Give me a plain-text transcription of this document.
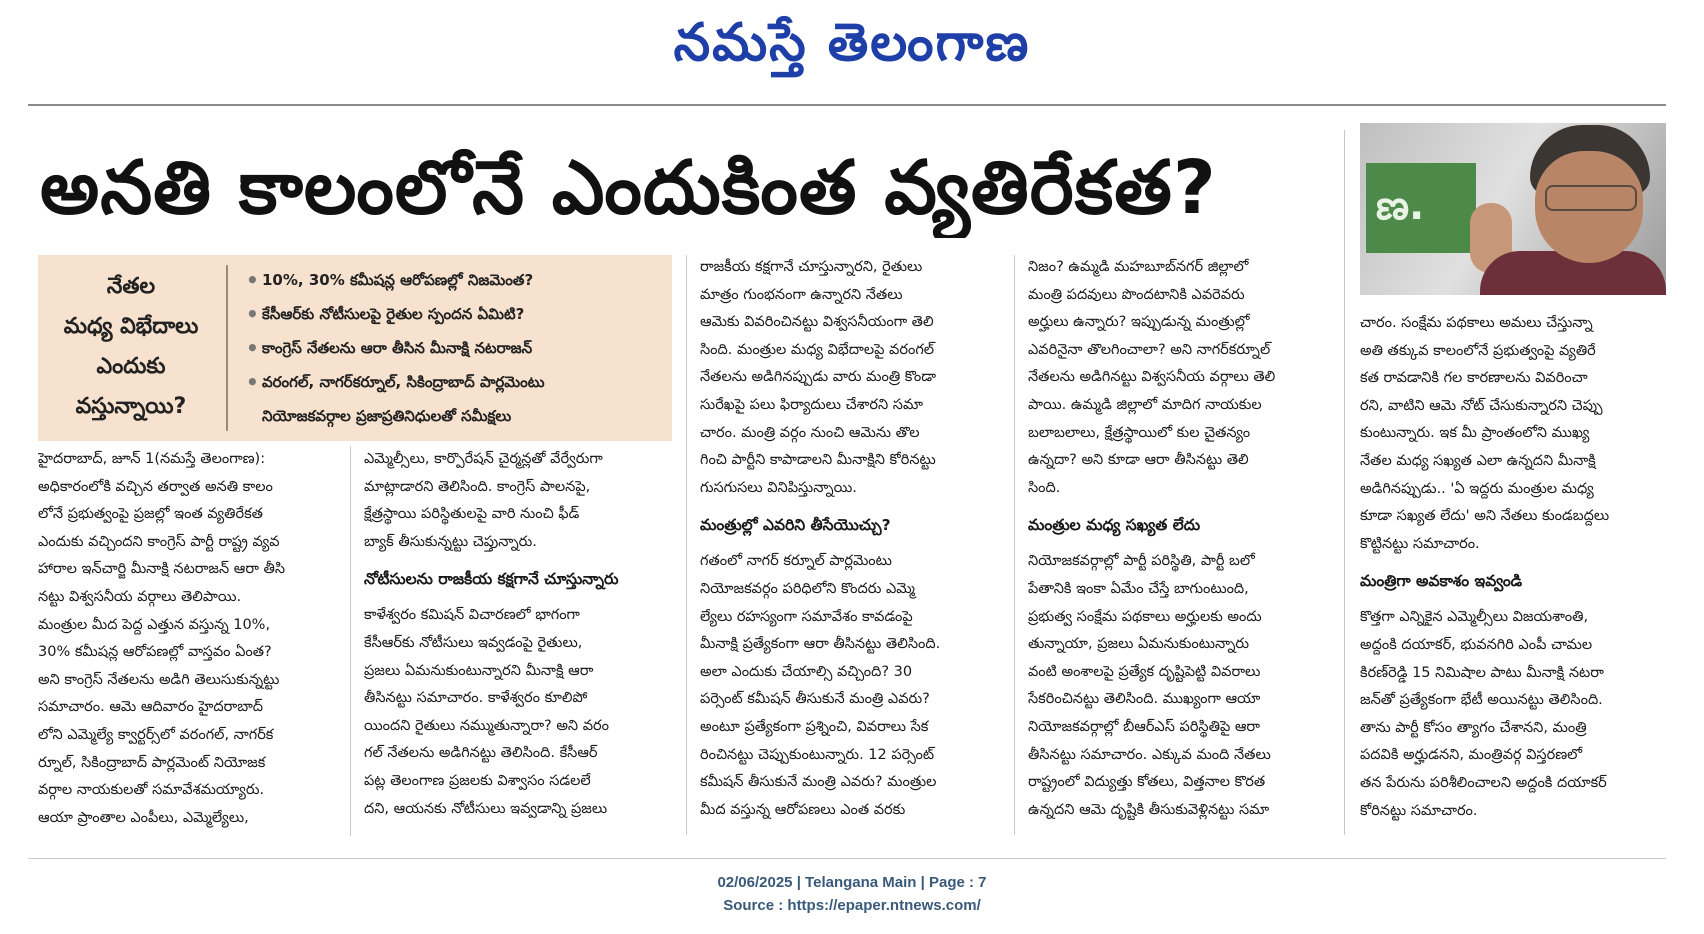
నమస్తే తెలంగాణ
అనతి కాలంలోనే ఎందుకింత వ్యతిరేకత?	ణ.
నేతల
మధ్య విభేదాలు
ఎందుకు
వస్తున్నాయి?
• 10%, 30% కమీషన్ల ఆరోపణల్లో నిజమెంత?
• కేసీఆర్‌కు నోటీసులపై రైతుల స్పందన ఏమిటి?
• కాంగ్రెస్ నేతలను ఆరా తీసిన మీనాక్షి నటరాజన్
• వరంగల్, నాగర్‌కర్నూల్, సికింద్రాబాద్ పార్లమెంటు
నియోజకవర్గాల ప్రజాప్రతినిధులతో సమీక్షలు

హైదరాబాద్, జూన్ 1(నమస్తే తెలంగాణ):

అధికారంలోకి వచ్చిన తర్వాత అనతి కాలం

లోనే ప్రభుత్వంపై ప్రజల్లో ఇంత వ్యతిరేకత

ఎందుకు వచ్చిందని కాంగ్రెస్ పార్టీ రాష్ట్ర వ్యవ

హారాల ఇన్‌చార్జి మీనాక్షి నటరాజన్ ఆరా తీసి

నట్టు విశ్వసనీయ వర్గాలు తెలిపాయి.

మంత్రుల మీద పెద్ద ఎత్తున వస్తున్న 10%,

30% కమీషన్ల ఆరోపణల్లో వాస్తవం ఏంత?

అని కాంగ్రెస్ నేతలను అడిగి తెలుసుకున్నట్టు

సమాచారం. ఆమె ఆదివారం హైదరాబాద్

లోని ఎమ్మెల్యే క్వార్టర్స్‌లో వరంగల్, నాగర్‌క

ర్నూల్, సికింద్రాబాద్ పార్లమెంట్ నియోజక

వర్గాల నాయకులతో సమావేశమయ్యారు.

ఆయా ప్రాంతాల ఎంపీలు, ఎమ్మెల్యేలు,

ఎమ్మెల్సీలు, కార్పొరేషన్ చైర్మన్లతో వేర్వేరుగా

మాట్లాడారని తెలిసింది. కాంగ్రెస్ పాలనపై,

క్షేత్రస్థాయి పరిస్థితులపై వారి నుంచి ఫీడ్

బ్యాక్ తీసుకున్నట్టు చెప్తున్నారు.

నోటీసులను రాజకీయ కక్షగానే చూస్తున్నారు

కాళేశ్వరం కమిషన్ విచారణలో భాగంగా

కేసీఆర్‌కు నోటీసులు ఇవ్వడంపై రైతులు,

ప్రజలు ఏమనుకుంటున్నారని మీనాక్షి ఆరా

తీసినట్టు సమాచారం. కాళేశ్వరం కూలిపో

యిందని రైతులు నమ్ముతున్నారా? అని వరం

గల్ నేతలను అడిగినట్టు తెలిసింది. కేసీఆర్

పట్ల తెలంగాణ ప్రజలకు విశ్వాసం సడలలే

దని, ఆయనకు నోటీసులు ఇవ్వడాన్ని ప్రజలు

రాజకీయ కక్షగానే చూస్తున్నారని, రైతులు

మాత్రం గుంభనంగా ఉన్నారని నేతలు

ఆమెకు వివరించినట్టు విశ్వసనీయంగా తెలి

సింది. మంత్రుల మధ్య విభేదాలపై వరంగల్

నేతలను అడిగినప్పుడు వారు మంత్రి కొండా

సురేఖపై పలు ఫిర్యాదులు చేశారని సమా

చారం. మంత్రి వర్గం నుంచి ఆమెను తొల

గించి పార్టీని కాపాడాలని మీనాక్షిని కోరినట్టు

గుసగుసలు వినిపిస్తున్నాయి.

మంత్రుల్లో ఎవరిని తీసేయొచ్చు?

గతంలో నాగర్ కర్నూల్ పార్లమెంటు

నియోజకవర్గం పరిధిలోని కొందరు ఎమ్మె

ల్యేలు రహస్యంగా సమావేశం కావడంపై

మీనాక్షి ప్రత్యేకంగా ఆరా తీసినట్టు తెలిసింది.

అలా ఎందుకు చేయాల్సి వచ్చింది? 30

పర్సెంట్ కమీషన్ తీసుకునే మంత్రి ఎవరు?

అంటూ ప్రత్యేకంగా ప్రశ్నించి, వివరాలు సేక

రించినట్టు చెప్పుకుంటున్నారు. 12 పర్సెంట్

కమీషన్ తీసుకునే మంత్రి ఎవరు? మంత్రుల

మీద వస్తున్న ఆరోపణలు ఎంత వరకు

నిజం? ఉమ్మడి మహబూబ్‌నగర్ జిల్లాలో

మంత్రి పదవులు పొందటానికి ఎవరెవరు

అర్హులు ఉన్నారు? ఇప్పుడున్న మంత్రుల్లో

ఎవరినైనా తొలగించాలా? అని నాగర్‌కర్నూల్

నేతలను అడిగినట్టు విశ్వసనీయ వర్గాలు తెలి

పాయి. ఉమ్మడి జిల్లాలో మాదిగ నాయకుల

బలాబలాలు, క్షేత్రస్థాయిలో కుల చైతన్యం

ఉన్నదా? అని కూడా ఆరా తీసినట్టు తెలి

సింది.

మంత్రుల మధ్య సఖ్యత లేదు

నియోజకవర్గాల్లో పార్టీ పరిస్థితి, పార్టీ బలో

పేతానికి ఇంకా ఏమేం చేస్తే బాగుంటుంది,

ప్రభుత్వ సంక్షేమ పథకాలు అర్హులకు అందు

తున్నాయా, ప్రజలు ఏమనుకుంటున్నారు

వంటి అంశాలపై ప్రత్యేక దృష్టిపెట్టి వివరాలు

సేకరించినట్టు తెలిసింది. ముఖ్యంగా ఆయా

నియోజకవర్గాల్లో బీఆర్‌ఎస్ పరిస్థితిపై ఆరా

తీసినట్టు సమాచారం. ఎక్కువ మంది నేతలు

రాష్ట్రంలో విద్యుత్తు కోతలు, విత్తనాల కొరత

ఉన్నదని ఆమె దృష్టికి తీసుకువెళ్లినట్టు సమా

చారం. సంక్షేమ పథకాలు అమలు చేస్తున్నా

అతి తక్కువ కాలంలోనే ప్రభుత్వంపై వ్యతిరే

కత రావడానికి గల కారణాలను వివరించా

రని, వాటిని ఆమె నోట్ చేసుకున్నారని చెప్పు

కుంటున్నారు. ఇక మీ ప్రాంతంలోని ముఖ్య

నేతల మధ్య సఖ్యత ఎలా ఉన్నదని మీనాక్షి

అడిగినప్పుడు.. 'ఏ ఇద్దరు మంత్రుల మధ్య

కూడా సఖ్యత లేదు' అని నేతలు కుండబద్దలు

కొట్టినట్టు సమాచారం.

మంత్రిగా అవకాశం ఇవ్వండి

కొత్తగా ఎన్నికైన ఎమ్మెల్సీలు విజయశాంతి,

అద్దంకి దయాకర్, భువనగిరి ఎంపీ చామల

కిరణ్‌రెడ్డి 15 నిమిషాల పాటు మీనాక్షి నటరా

జన్‌తో ప్రత్యేకంగా భేటీ అయినట్టు తెలిసింది.

తాను పార్టీ కోసం త్యాగం చేశానని, మంత్రి

పదవికి అర్హుడనని, మంత్రివర్గ విస్తరణలో

తన పేరును పరిశీలించాలని అద్దంకి దయాకర్

కోరినట్టు సమాచారం.

02/06/2025 | Telangana Main | Page : 7
Source : https://epaper.ntnews.com/
